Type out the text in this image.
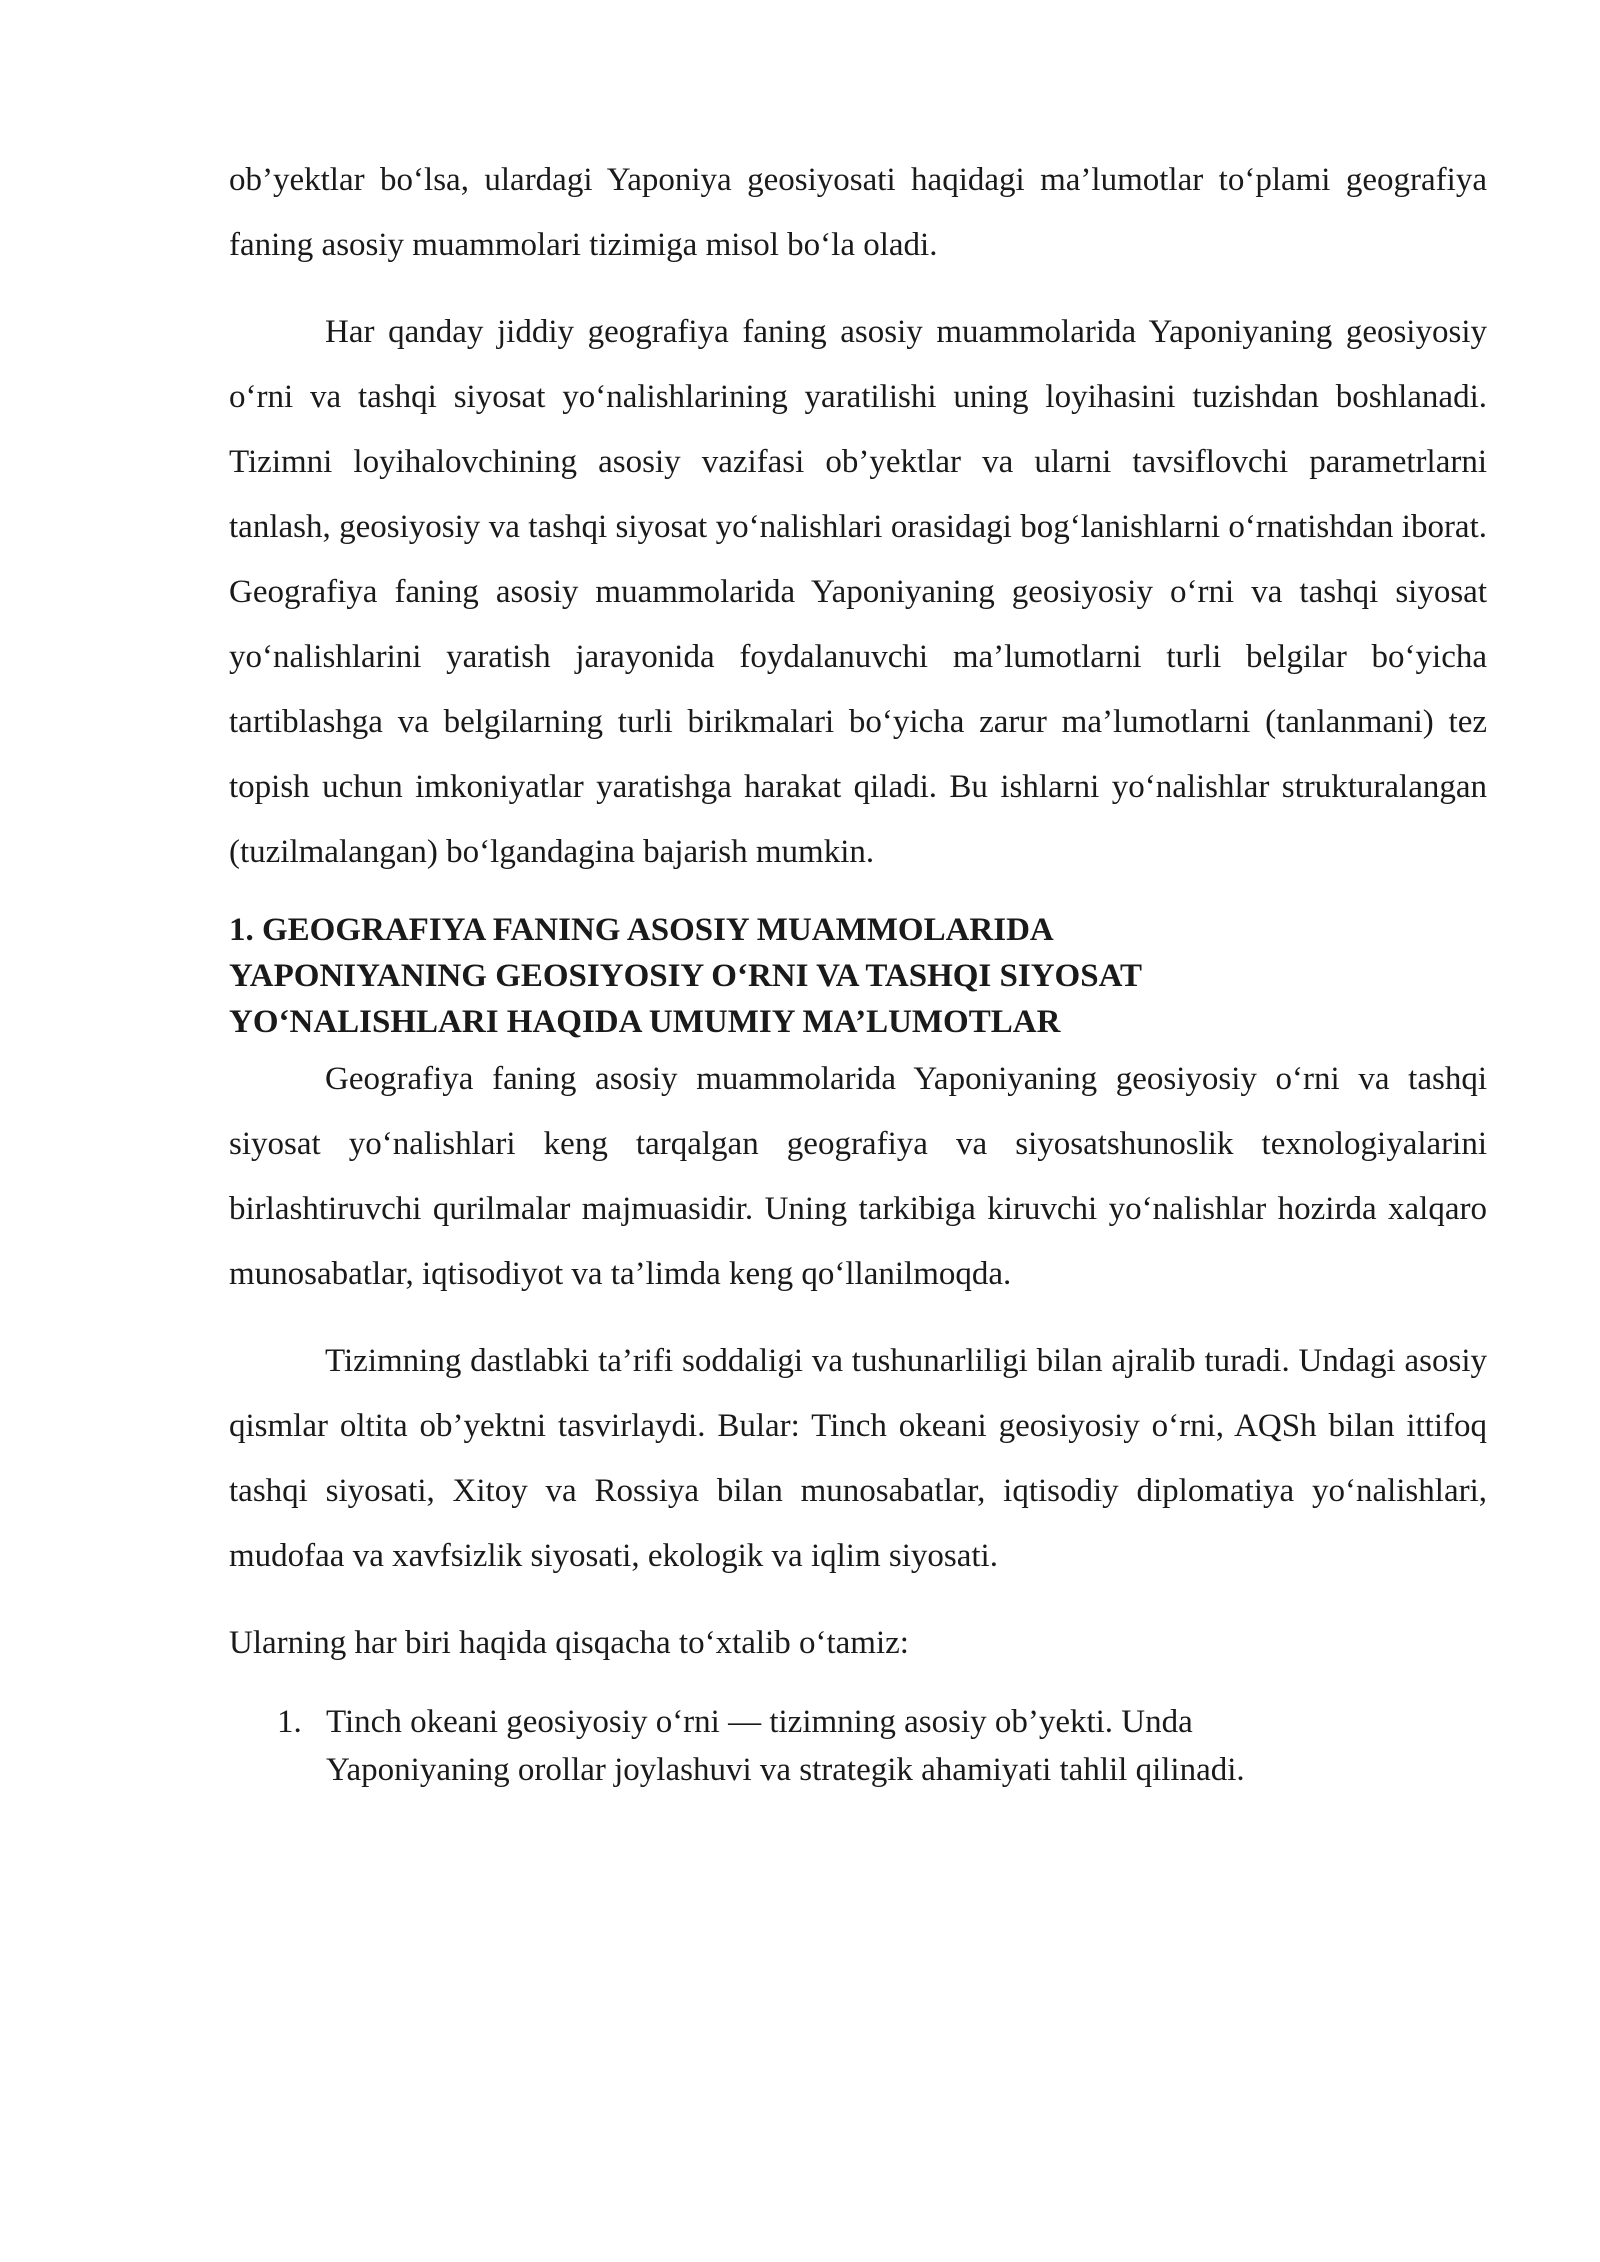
ob’yektlar bo‘lsa, ulardagi Yaponiya geosiyosati haqidagi ma’lumotlar to‘plami geografiya faning asosiy muammolari tizimiga misol bo‘la oladi.

Har qanday jiddiy geografiya faning asosiy muammolarida Yaponiyaning geosiyosiy o‘rni va tashqi siyosat yo‘nalishlarining yaratilishi uning loyihasini tuzishdan boshlanadi. Tizimni loyihalovchining asosiy vazifasi ob’yektlar va ularni tavsiflovchi parametrlarni tanlash, geosiyosiy va tashqi siyosat yo‘nalishlari orasidagi bog‘lanishlarni o‘rnatishdan iborat. Geografiya faning asosiy muammolarida Yaponiyaning geosiyosiy o‘rni va tashqi siyosat yo‘nalishlarini yaratish jarayonida foydalanuvchi ma’lumotlarni turli belgilar bo‘yicha tartiblashga va belgilarning turli birikmalari bo‘yicha zarur ma’lumotlarni (tanlanmani) tez topish uchun imkoniyatlar yaratishga harakat qiladi. Bu ishlarni yo‘nalishlar strukturalangan (tuzilmalangan) bo‘lgandagina bajarish mumkin.

1. GEOGRAFIYA FANING ASOSIY MUAMMOLARIDA
YAPONIYANING GEOSIYOSIY O‘RNI VA TASHQI SIYOSAT
YO‘NALISHLARI HAQIDA UMUMIY MA’LUMOTLAR

Geografiya faning asosiy muammolarida Yaponiyaning geosiyosiy o‘rni va tashqi siyosat yo‘nalishlari keng tarqalgan geografiya va siyosatshunoslik texnologiyalarini birlashtiruvchi qurilmalar majmuasidir. Uning tarkibiga kiruvchi yo‘nalishlar hozirda xalqaro munosabatlar, iqtisodiyot va ta’limda keng qo‘llanilmoqda.

Tizimning dastlabki ta’rifi soddaligi va tushunarliligi bilan ajralib turadi. Undagi asosiy qismlar oltita ob’yektni tasvirlaydi. Bular: Tinch okeani geosiyosiy o‘rni, AQSh bilan ittifoq tashqi siyosati, Xitoy va Rossiya bilan munosabatlar, iqtisodiy diplomatiya yo‘nalishlari, mudofaa va xavfsizlik siyosati, ekologik va iqlim siyosati.

Ularning har biri haqida qisqacha to‘xtalib o‘tamiz:

1. Tinch okeani geosiyosiy o‘rni — tizimning asosiy ob’yekti. Unda
Yaponiyaning orollar joylashuvi va strategik ahamiyati tahlil qilinadi.
